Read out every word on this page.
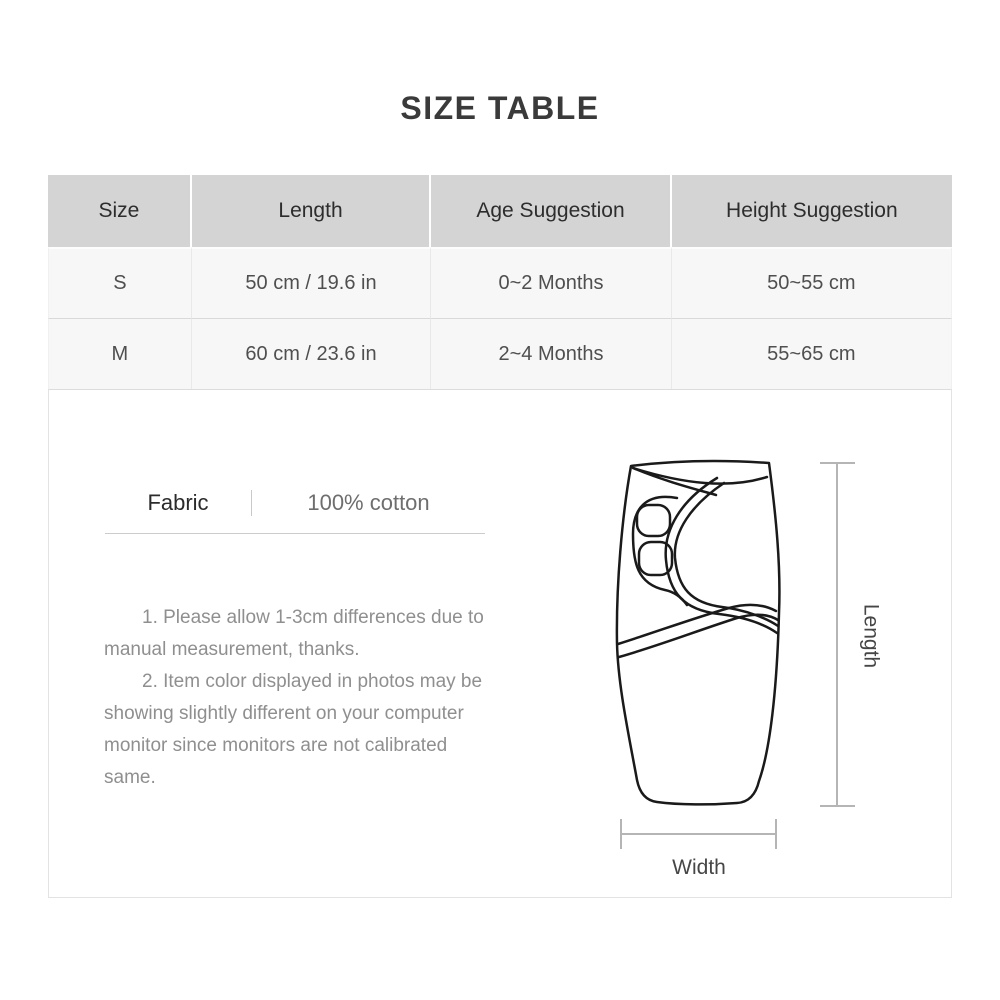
SIZE TABLE
Size	Length	Age Suggestion	Height Suggestion
S	50 cm / 19.6 in	0~2 Months	50~55 cm
M	60 cm / 23.6 in	2~4 Months	55~65 cm
Fabric	100% cotton

1. Please allow 1-3cm differences due to manual measurement, thanks.

2. Item color displayed in photos may be showing slightly different on your computer monitor since monitors are not calibrated same.

Length
Width
